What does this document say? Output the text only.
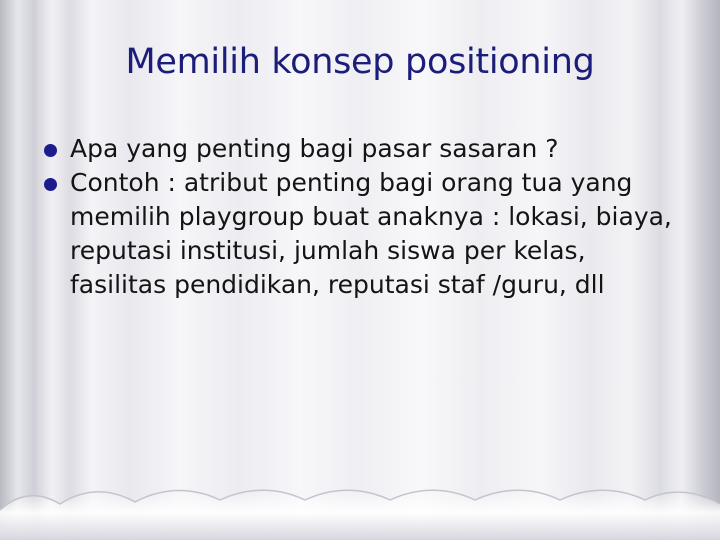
Memilih konsep positioning
Apa yang penting bagi pasar sasaran ?
Contoh : atribut penting bagi orang tua yang memilih playgroup buat anaknya : lokasi, biaya, reputasi institusi, jumlah siswa per kelas, fasilitas pendidikan, reputasi staf /guru, dll
